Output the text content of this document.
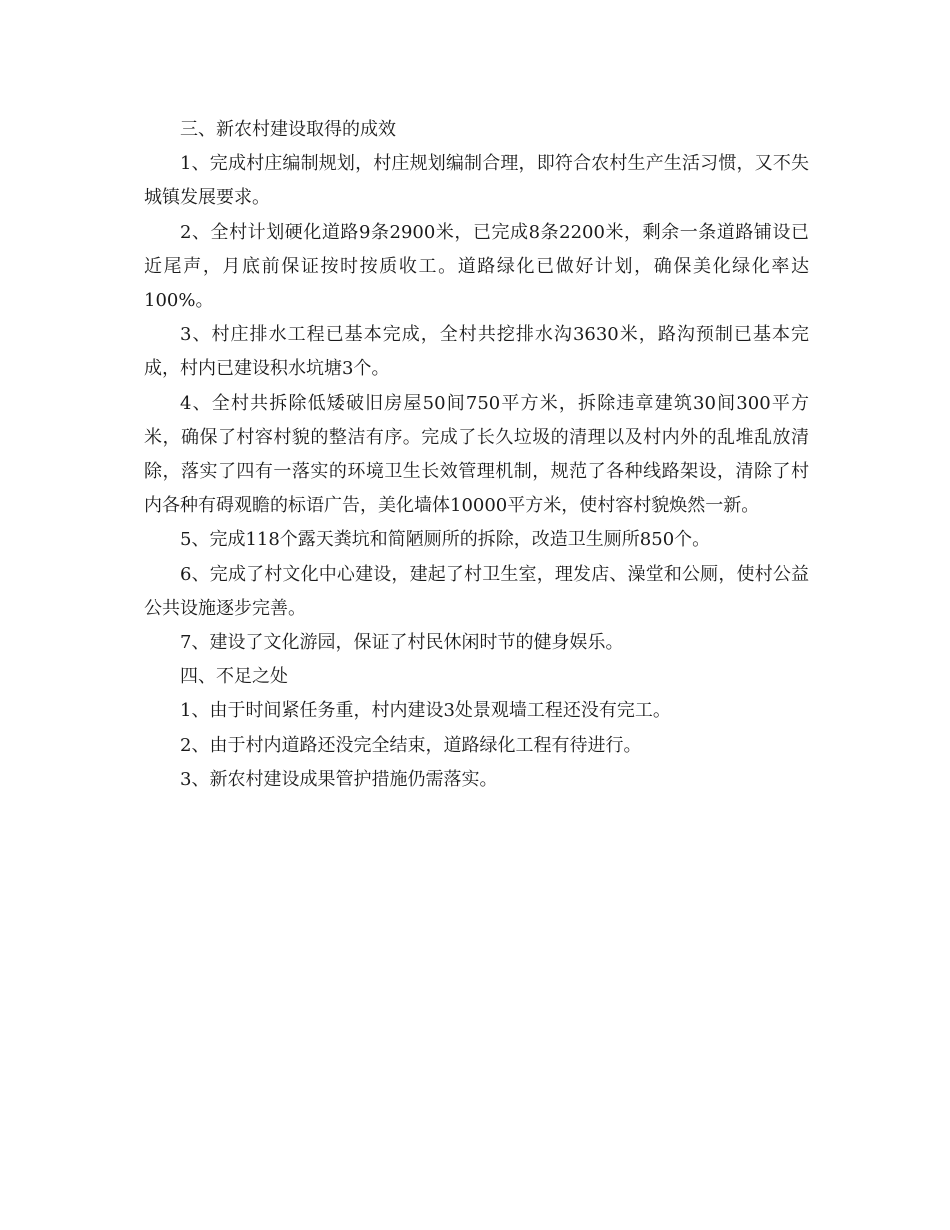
三、新农村建设取得的成效

1、完成村庄编制规划，村庄规划编制合理，即符合农村生产生活习惯，又不失城镇发展要求。

2、全村计划硬化道路9条2900米，已完成8条2200米，剩余一条道路铺设已近尾声，月底前保证按时按质收工。道路绿化已做好计划，确保美化绿化率达100%。

3、村庄排水工程已基本完成，全村共挖排水沟3630米，路沟预制已基本完成，村内已建设积水坑塘3个。

4、全村共拆除低矮破旧房屋50间750平方米，拆除违章建筑30间300平方米，确保了村容村貌的整洁有序。完成了长久垃圾的清理以及村内外的乱堆乱放清除，落实了四有一落实的环境卫生长效管理机制，规范了各种线路架设，清除了村内各种有碍观瞻的标语广告，美化墙体10000平方米，使村容村貌焕然一新。

5、完成118个露天粪坑和简陋厕所的拆除，改造卫生厕所850个。

6、完成了村文化中心建设，建起了村卫生室，理发店、澡堂和公厕，使村公益公共设施逐步完善。

7、建设了文化游园，保证了村民休闲时节的健身娱乐。

四、不足之处

1、由于时间紧任务重，村内建设3处景观墙工程还没有完工。

2、由于村内道路还没完全结束，道路绿化工程有待进行。

3、新农村建设成果管护措施仍需落实。
